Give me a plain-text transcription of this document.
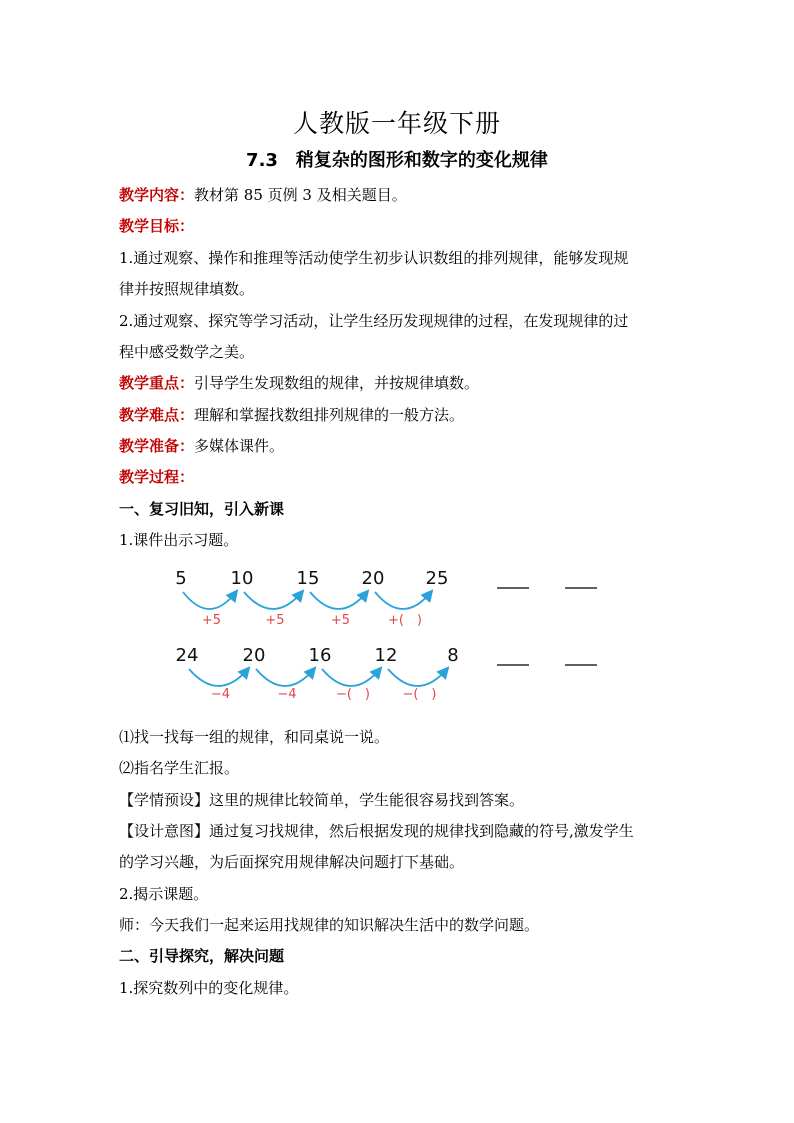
人教版一年级下册
7.3　稍复杂的图形和数字的变化规律
教学内容：教材第 85 页例 3 及相关题目。
教学目标：
1.通过观察、操作和推理等活动使学生初步认识数组的排列规律，能够发现规
律并按照规律填数。
2.通过观察、探究等学习活动，让学生经历发现规律的过程，在发现规律的过
程中感受数学之美。
教学重点：引导学生发现数组的规律，并按规律填数。
教学难点：理解和掌握找数组排列规律的一般方法。
教学准备：多媒体课件。
教学过程：
一、复习旧知，引入新课
1.课件出示习题。
5 10 15 20 25
+5	+5	+5	+(　)
24 20 16 12	8
−4	−4	−(　) −(　)
⑴找一找每一组的规律，和同桌说一说。
⑵指名学生汇报。
【学情预设】这里的规律比较简单，学生能很容易找到答案。
【设计意图】通过复习找规律，然后根据发现的规律找到隐藏的符号,激发学生
的学习兴趣，为后面探究用规律解决问题打下基础。
2.揭示课题。
师：今天我们一起来运用找规律的知识解决生活中的数学问题。
二、引导探究，解决问题
1.探究数列中的变化规律。
